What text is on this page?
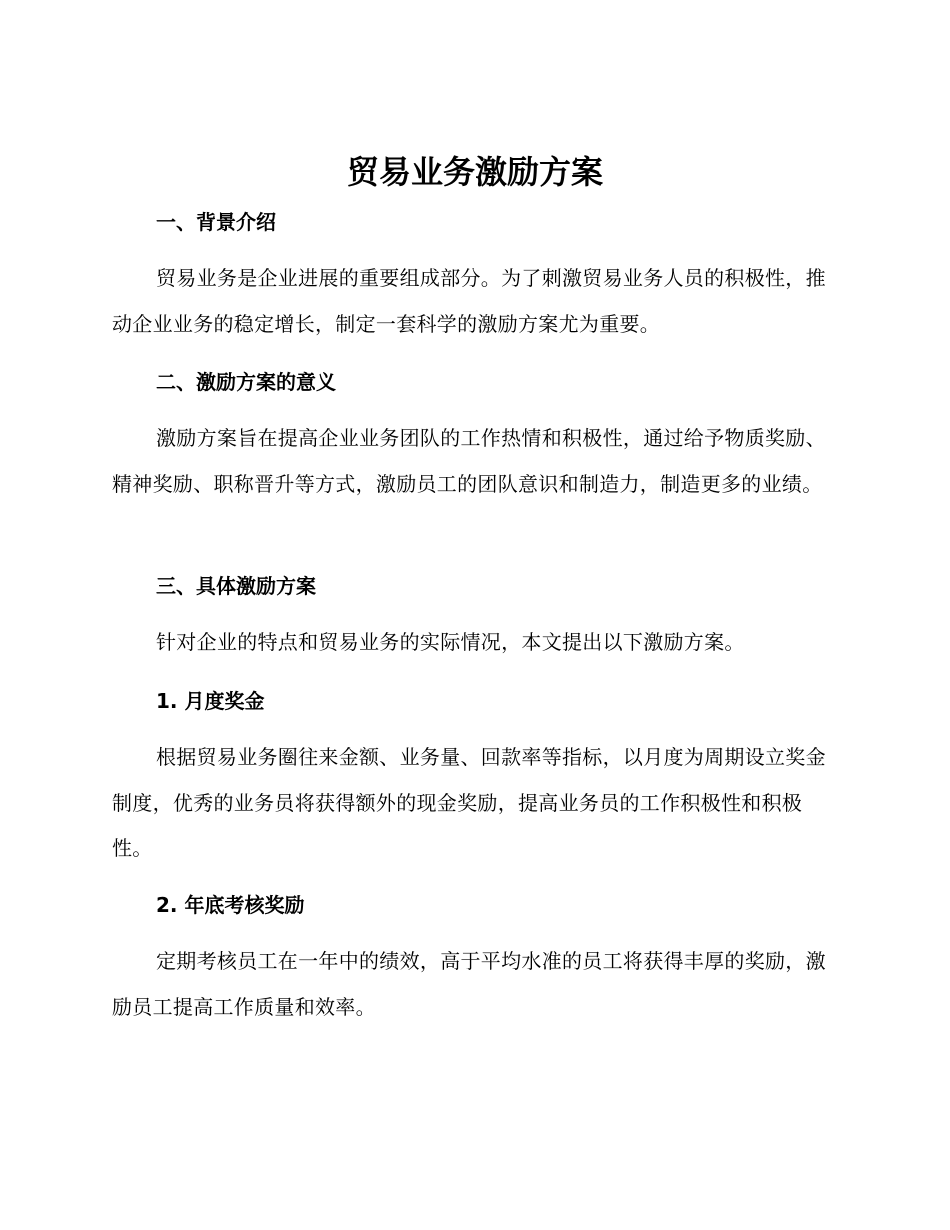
贸易业务激励方案
一、背景介绍
贸易业务是企业进展的重要组成部分。为了刺激贸易业务人员的积极性，推动企业业务的稳定增长，制定一套科学的激励方案尤为重要。
二、激励方案的意义
激励方案旨在提高企业业务团队的工作热情和积极性，通过给予物质奖励、精神奖励、职称晋升等方式，激励员工的团队意识和制造力，制造更多的业绩。
三、具体激励方案
针对企业的特点和贸易业务的实际情况，本文提出以下激励方案。
1. 月度奖金
根据贸易业务圈往来金额、业务量、回款率等指标，以月度为周期设立奖金制度，优秀的业务员将获得额外的现金奖励，提高业务员的工作积极性和积极性。
2. 年底考核奖励
定期考核员工在一年中的绩效，高于平均水准的员工将获得丰厚的奖励，激励员工提高工作质量和效率。
